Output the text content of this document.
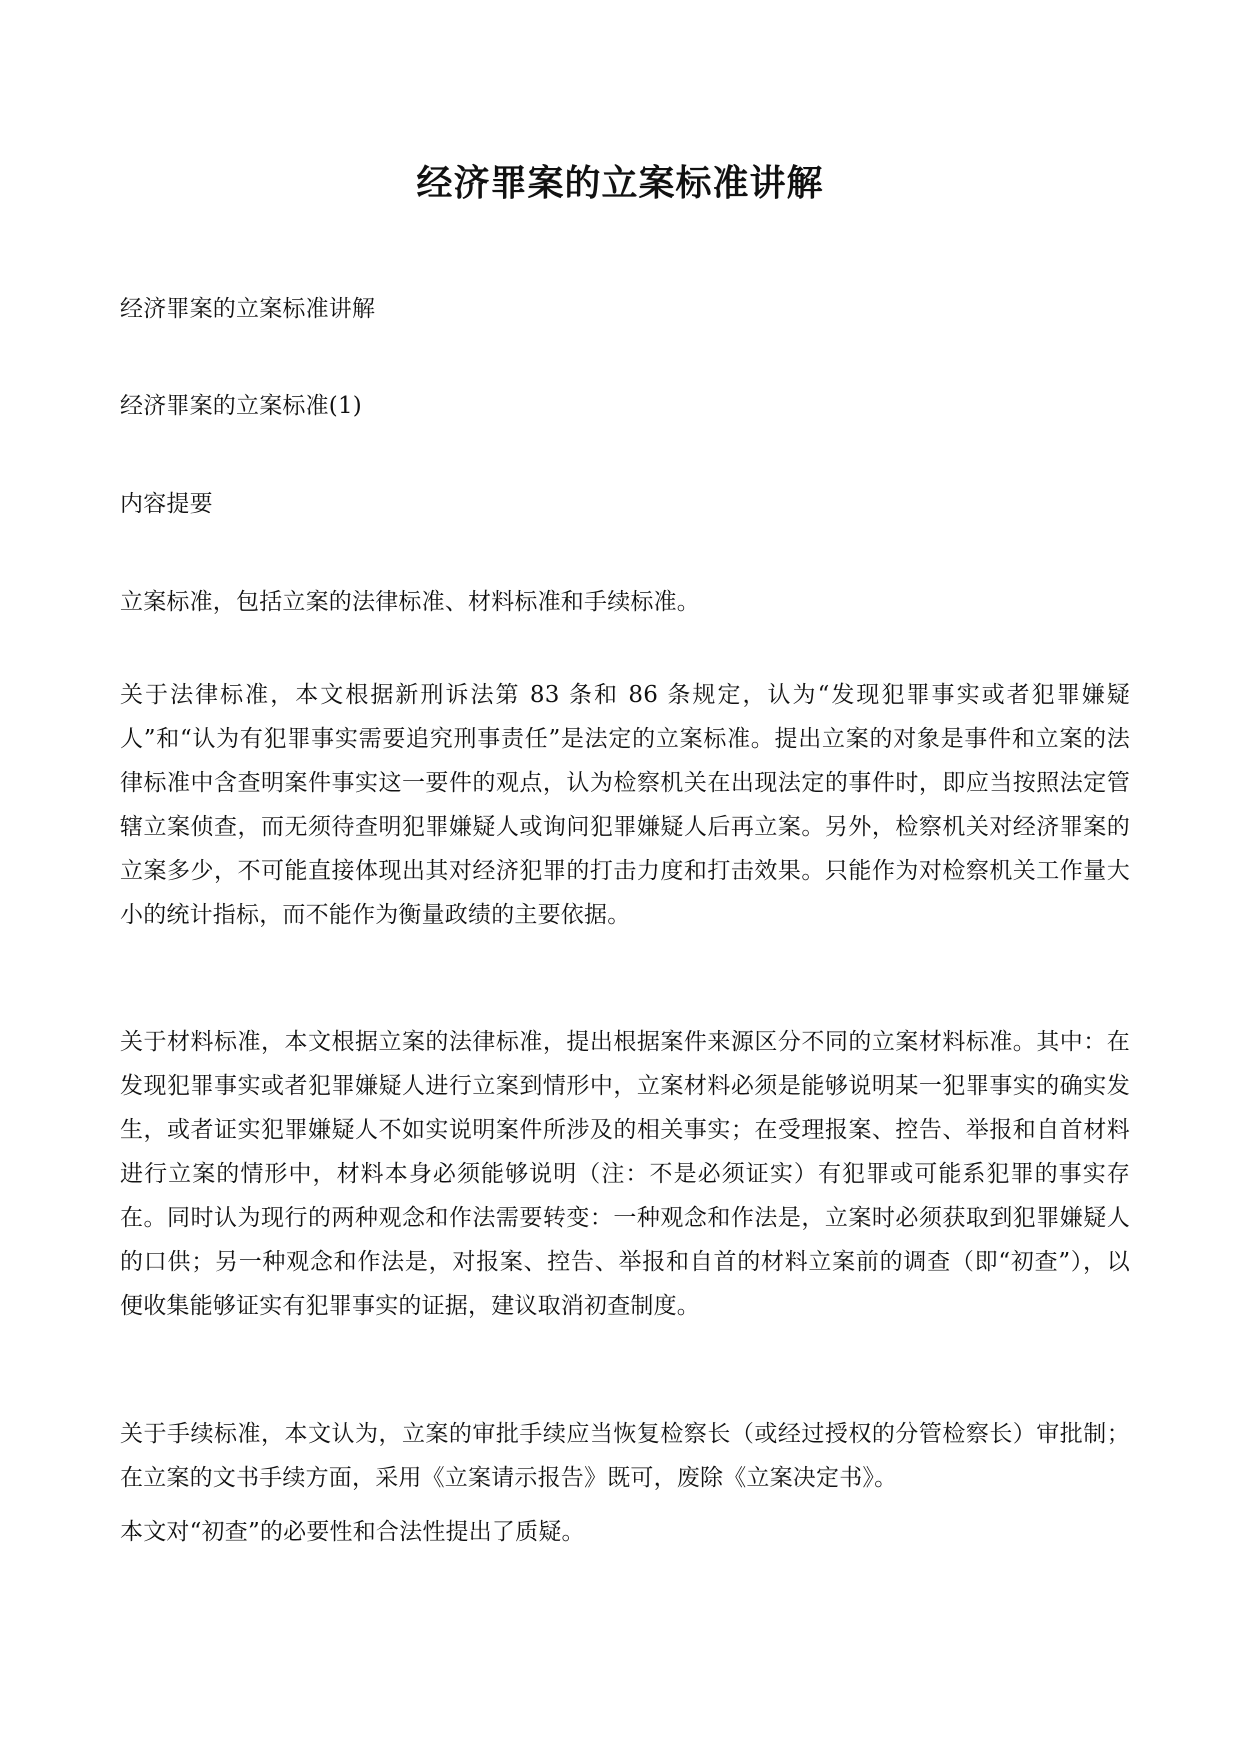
经济罪案的立案标准讲解

经济罪案的立案标准讲解

经济罪案的立案标准(1)

内容提要

立案标准，包括立案的法律标准、材料标准和手续标准。

关于法律标准，本文根据新刑诉法第 83 条和 86 条规定，认为“发现犯罪事实或者犯罪嫌疑人”和“认为有犯罪事实需要追究刑事责任”是法定的立案标准。提出立案的对象是事件和立案的法律标准中含查明案件事实这一要件的观点，认为检察机关在出现法定的事件时，即应当按照法定管辖立案侦查，而无须待查明犯罪嫌疑人或询问犯罪嫌疑人后再立案。另外，检察机关对经济罪案的立案多少，不可能直接体现出其对经济犯罪的打击力度和打击效果。只能作为对检察机关工作量大小的统计指标，而不能作为衡量政绩的主要依据。

关于材料标准，本文根据立案的法律标准，提出根据案件来源区分不同的立案材料标准。其中：在发现犯罪事实或者犯罪嫌疑人进行立案到情形中，立案材料必须是能够说明某一犯罪事实的确实发生，或者证实犯罪嫌疑人不如实说明案件所涉及的相关事实；在受理报案、控告、举报和自首材料进行立案的情形中，材料本身必须能够说明（注：不是必须证实）有犯罪或可能系犯罪的事实存在。同时认为现行的两种观念和作法需要转变：一种观念和作法是，立案时必须获取到犯罪嫌疑人的口供；另一种观念和作法是，对报案、控告、举报和自首的材料立案前的调查（即“初查”），以便收集能够证实有犯罪事实的证据，建议取消初查制度。

关于手续标准，本文认为，立案的审批手续应当恢复检察长（或经过授权的分管检察长）审批制；在立案的文书手续方面，采用《立案请示报告》既可，废除《立案决定书》。

本文对“初查”的必要性和合法性提出了质疑。
